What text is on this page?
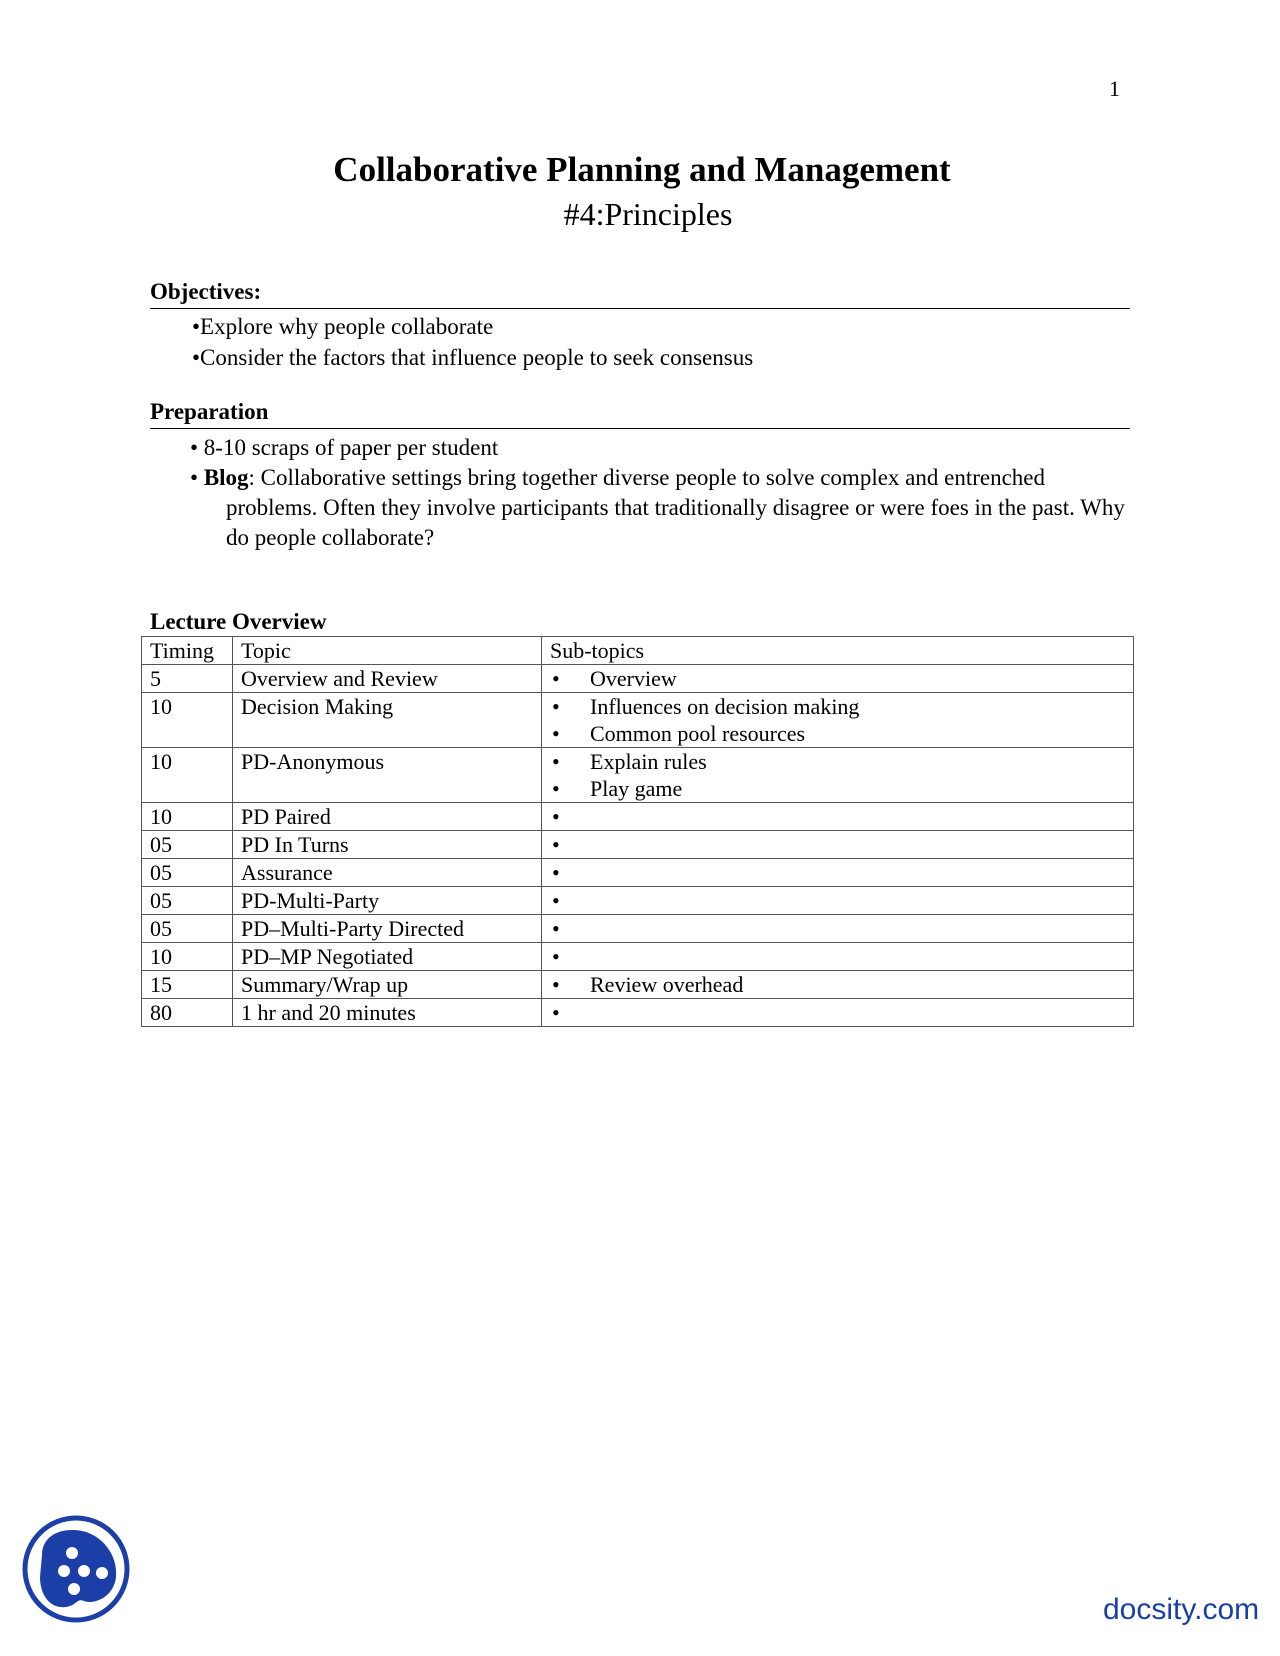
1
Collaborative Planning and Management
#4:Principles
Objectives:
•Explore why people collaborate
•Consider the factors that influence people to seek consensus
Preparation
• 8-10 scraps of paper per student
• Blog: Collaborative settings bring together diverse people to solve complex and entrenched problems. Often they involve participants that traditionally disagree or were foes in the past. Why do people collaborate?
Lecture Overview
Timing	Topic	Sub-topics
5	Overview and Review	• Overview

10	Decision Making	• Influences on decision making
• Common pool resources

10	PD-Anonymous	• Explain rules
• Play game

10	PD Paired	•

05	PD In Turns	•

05	Assurance	•

05	PD-Multi-Party	•

05	PD–Multi-Party Directed	•

10	PD–MP Negotiated	•

15	Summary/Wrap up	• Review overhead

80	1 hr and 20 minutes	•
docsity.com
